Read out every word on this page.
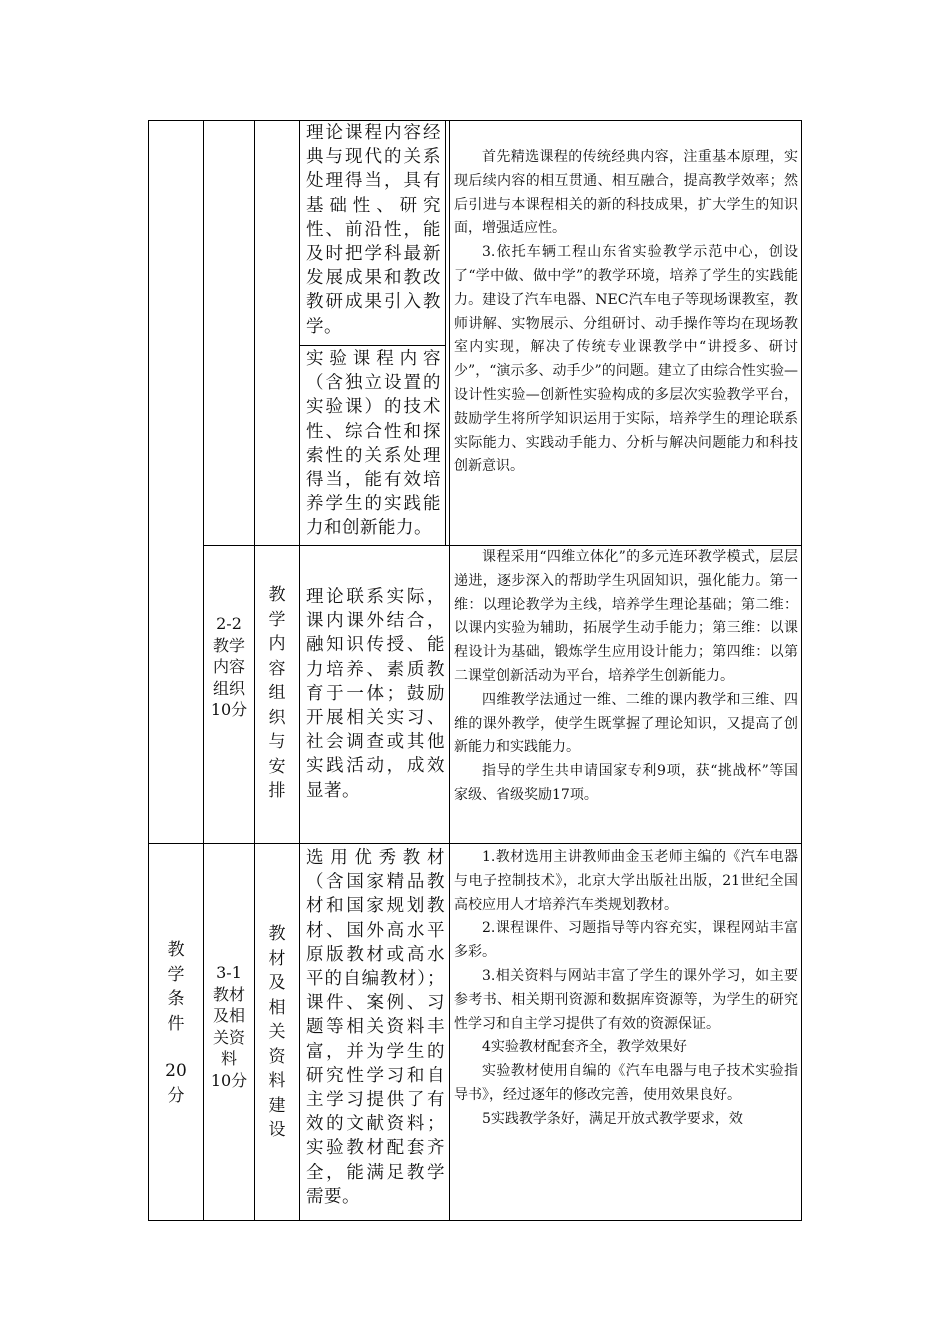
理论课程内容经典与现代的关系处理得当，具有基础性、研究性、前沿性，能及时把学科最新发展成果和教改教研成果引入教学。
实验课程内容（含独立设置的实验课）的技术性、综合性和探索性的关系处理得当，能有效培养学生的实践能力和创新能力。

首先精选课程的传统经典内容，注重基本原理，实现后续内容的相互贯通、相互融合，提高教学效率；然后引进与本课程相关的新的科技成果，扩大学生的知识面，增强适应性。

3.依托车辆工程山东省实验教学示范中心，创设了“学中做、做中学”的教学环境，培养了学生的实践能力。建设了汽车电器、NEC汽车电子等现场课教室，教师讲解、实物展示、分组研讨、动手操作等均在现场教室内实现，解决了传统专业课教学中“讲授多、研讨少”，“演示多、动手少”的问题。建立了由综合性实验—设计性实验—创新性实验构成的多层次实验教学平台，鼓励学生将所学知识运用于实际，培养学生的理论联系实际能力、实践动手能力、分析与解决问题能力和科技创新意识。

2-2
教学
内容
组织
10分
教
学
内
容
组
织
与
安
排
理论联系实际，课内课外结合，融知识传授、能力培养、素质教育于一体；鼓励开展相关实习、社会调查或其他实践活动，成效显著。

课程采用“四维立体化”的多元连环教学模式，层层递进，逐步深入的帮助学生巩固知识，强化能力。第一维：以理论教学为主线，培养学生理论基础；第二维：以课内实验为辅助，拓展学生动手能力；第三维：以课程设计为基础，锻炼学生应用设计能力；第四维：以第二课堂创新活动为平台，培养学生创新能力。

四维教学法通过一维、二维的课内教学和三维、四维的课外教学，使学生既掌握了理论知识，又提高了创新能力和实践能力。

指导的学生共申请国家专利9项，获“挑战杯”等国家级、省级奖励17项。

教
学
条
件
20
分
3-1
教材
及相
关资
料
10分
教
材
及
相
关
资
料
建
设
选用优秀教材（含国家精品教材和国家规划教材、国外高水平原版教材或高水平的自编教材）；课件、案例、习题等相关资料丰富，并为学生的研究性学习和自主学习提供了有效的文献资料；实验教材配套齐全，能满足教学需要。

1.教材选用主讲教师曲金玉老师主编的《汽车电器与电子控制技术》，北京大学出版社出版，21世纪全国高校应用人才培养汽车类规划教材。

2.课程课件、习题指导等内容充实，课程网站丰富多彩。

3.相关资料与网站丰富了学生的课外学习，如主要参考书、相关期刊资源和数据库资源等，为学生的研究性学习和自主学习提供了有效的资源保证。

4实验教材配套齐全，教学效果好

实验教材使用自编的《汽车电器与电子技术实验指导书》，经过逐年的修改完善，使用效果良好。

5实践教学条好，满足开放式教学要求，效
